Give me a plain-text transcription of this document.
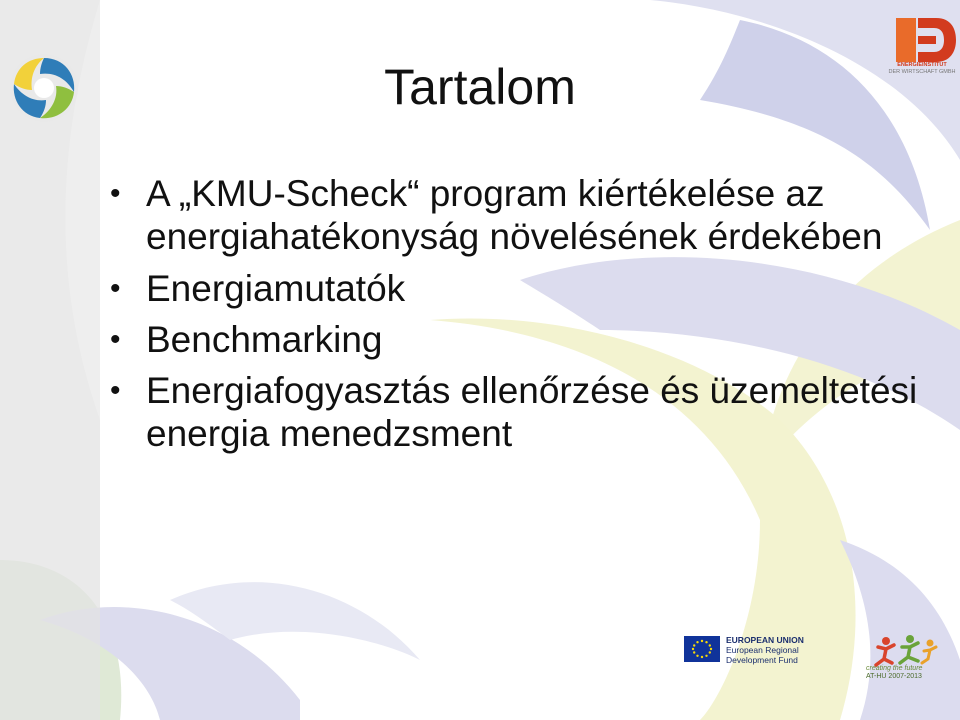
ENERGIEINSTITUT
DER WIRTSCHAFT GMBH
Tartalom
• A „KMU-Scheck“ program kiértékelése az energiahatékonyság növelésének érdekében
• Energiamutatók
• Benchmarking
• Energiafogyasztás ellenőrzése és üzemeltetési energia menedzsment
EUROPEAN UNION
European Regional
Development Fund
creating the future
AT-HU 2007-2013
